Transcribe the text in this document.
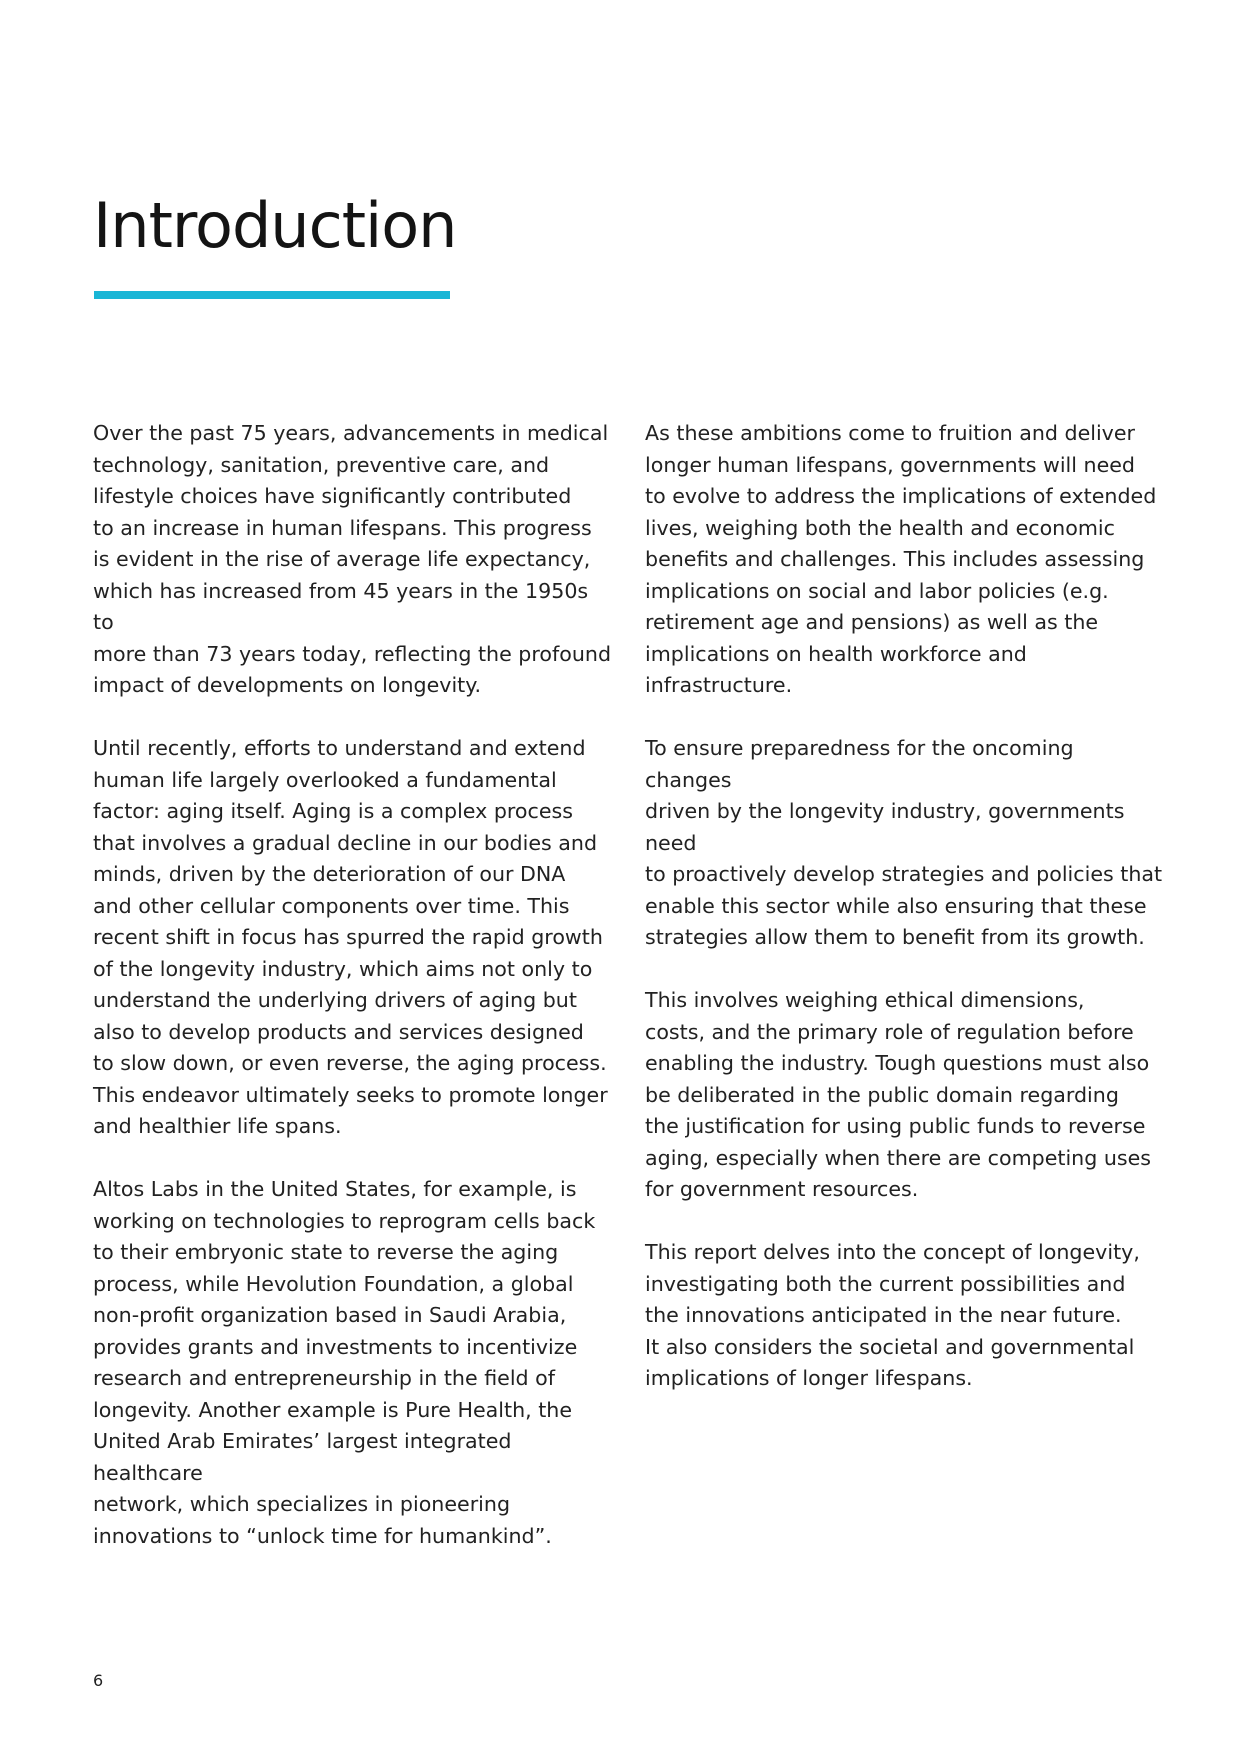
Introduction

Over the past 75 years, advancements in medical
technology, sanitation, preventive care, and
lifestyle choices have significantly contributed
to an increase in human lifespans. This progress
is evident in the rise of average life expectancy,
which has increased from 45 years in the 1950s to
more than 73 years today, reflecting the profound
impact of developments on longevity.

Until recently, efforts to understand and extend
human life largely overlooked a fundamental
factor: aging itself. Aging is a complex process
that involves a gradual decline in our bodies and
minds, driven by the deterioration of our DNA
and other cellular components over time. This
recent shift in focus has spurred the rapid growth
of the longevity industry, which aims not only to
understand the underlying drivers of aging but
also to develop products and services designed
to slow down, or even reverse, the aging process.
This endeavor ultimately seeks to promote longer
and healthier life spans.

Altos Labs in the United States, for example, is
working on technologies to reprogram cells back
to their embryonic state to reverse the aging
process, while Hevolution Foundation, a global
non-profit organization based in Saudi Arabia,
provides grants and investments to incentivize
research and entrepreneurship in the field of
longevity. Another example is Pure Health, the
United Arab Emirates’ largest integrated healthcare
network, which specializes in pioneering
innovations to “unlock time for humankind”.

As these ambitions come to fruition and deliver
longer human lifespans, governments will need
to evolve to address the implications of extended
lives, weighing both the health and economic
benefits and challenges. This includes assessing
implications on social and labor policies (e.g.
retirement age and pensions) as well as the
implications on health workforce and infrastructure.

To ensure preparedness for the oncoming changes
driven by the longevity industry, governments need
to proactively develop strategies and policies that
enable this sector while also ensuring that these
strategies allow them to benefit from its growth.

This involves weighing ethical dimensions,
costs, and the primary role of regulation before
enabling the industry. Tough questions must also
be deliberated in the public domain regarding
the justification for using public funds to reverse
aging, especially when there are competing uses
for government resources.

This report delves into the concept of longevity,
investigating both the current possibilities and
the innovations anticipated in the near future.
It also considers the societal and governmental
implications of longer lifespans.

6
